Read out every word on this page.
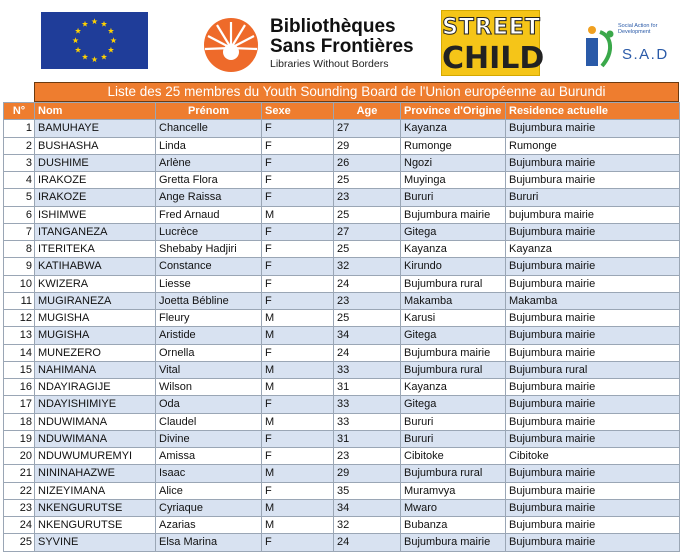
Bibliothèques
Sans Frontières
Libraries Without Borders
STREET
CHILD
Social Action for Development
S.A.D
Liste des 25 membres du Youth Sounding Board de l'Union européenne au Burundi
N°	Nom	Prénom	Sexe	Age	Province d'Origine	Residence actuelle
1	BAMUHAYE	Chancelle	F	27	Kayanza	Bujumbura mairie
2	BUSHASHA	Linda	F	29	Rumonge	Rumonge
3	DUSHIME	Arlène	F	26	Ngozi	Bujumbura mairie
4	IRAKOZE	Gretta Flora	F	25	Muyinga	Bujumbura mairie
5	IRAKOZE	Ange Raissa	F	23	Bururi	Bururi
6	ISHIMWE	Fred Arnaud	M	25	Bujumbura mairie	bujumbura mairie
7	ITANGANEZA	Lucrèce	F	27	Gitega	Bujumbura mairie
8	ITERITEKA	Shebaby Hadjiri	F	25	Kayanza	Kayanza
9	KATIHABWA	Constance	F	32	Kirundo	Bujumbura mairie
10	KWIZERA	Liesse	F	24	Bujumbura rural	Bujumbura mairie
11	MUGIRANEZA	Joetta Bébline	F	23	Makamba	Makamba
12	MUGISHA	Fleury	M	25	Karusi	Bujumbura mairie
13	MUGISHA	Aristide	M	34	Gitega	Bujumbura mairie
14	MUNEZERO	Ornella	F	24	Bujumbura mairie	Bujumbura mairie
15	NAHIMANA	Vital	M	33	Bujumbura rural	Bujumbura rural
16	NDAYIRAGIJE	Wilson	M	31	Kayanza	Bujumbura mairie
17	NDAYISHIMIYE	Oda	F	33	Gitega	Bujumbura mairie
18	NDUWIMANA	Claudel	M	33	Bururi	Bujumbura mairie
19	NDUWIMANA	Divine	F	31	Bururi	Bujumbura mairie
20	NDUWUMUREMYI	Amissa	F	23	Cibitoke	Cibitoke
21	NININAHAZWE	Isaac	M	29	Bujumbura rural	Bujumbura mairie
22	NIZEYIMANA	Alice	F	35	Muramvya	Bujumbura mairie
23	NKENGURUTSE	Cyriaque	M	34	Mwaro	Bujumbura mairie
24	NKENGURUTSE	Azarias	M	32	Bubanza	Bujumbura mairie
25	SYVINE	Elsa Marina	F	24	Bujumbura mairie	Bujumbura mairie
